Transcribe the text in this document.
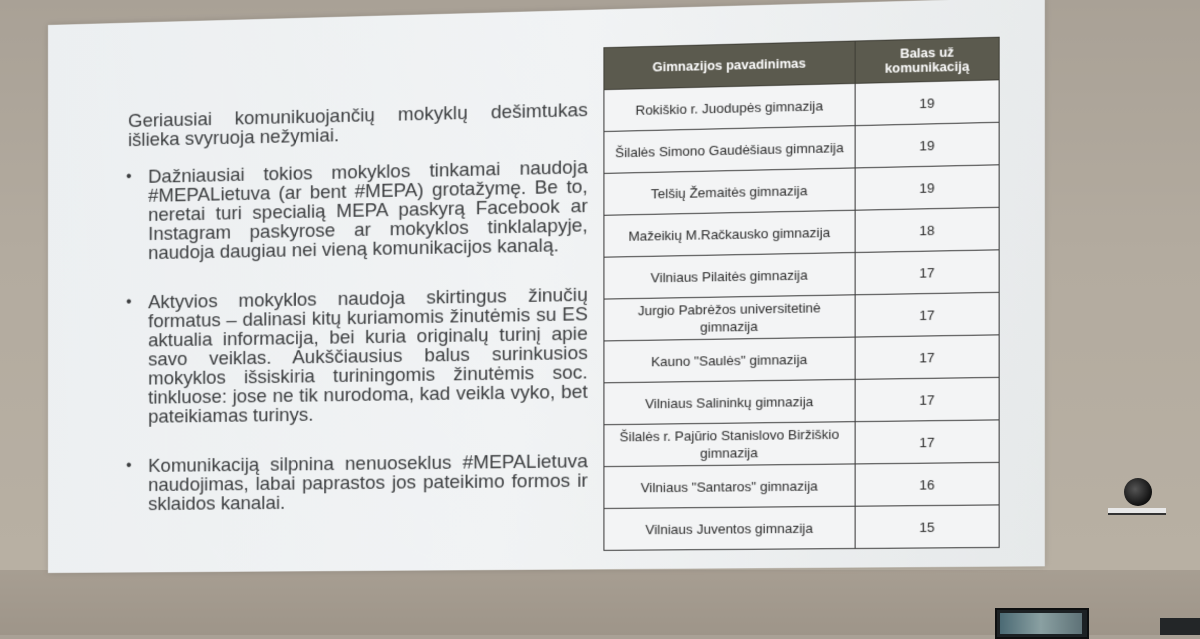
Geriausiai komunikuojančių mokyklų dešimtukas išlieka svyruoja nežymiai.

• Dažniausiai tokios mokyklos tinkamai naudoja #MEPALietuva (ar bent #MEPA) grotažymę. Be to, neretai turi specialią MEPA paskyrą Facebook ar Instagram paskyrose ar mokyklos tinklalapyje, naudoja daugiau nei vieną komunikacijos kanalą.
• Aktyvios mokyklos naudoja skirtingus žinučių formatus – dalinasi kitų kuriamomis žinutėmis su ES aktualia informacija, bei kuria originalų turinį apie savo veiklas. Aukščiausius balus surinkusios mokyklos išsiskiria turiningomis žinutėmis soc. tinkluose: jose ne tik nurodoma, kad veikla vyko, bet pateikiamas turinys.
• Komunikaciją silpnina nenuoseklus #MEPALietuva naudojimas, labai paprastos jos pateikimo formos ir sklaidos kanalai.
Gimnazijos pavadinimas	Balas už komunikaciją
Rokiškio r. Juodupės gimnazija	19
Šilalės Simono Gaudėšiaus gimnazija	19
Telšių Žemaitės gimnazija	19
Mažeikių M.Račkausko gimnazija	18
Vilniaus Pilaitės gimnazija	17
Jurgio Pabrėžos universitetinė gimnazija	17
Kauno "Saulės" gimnazija	17
Vilniaus Salininkų gimnazija	17
Šilalės r. Pajūrio Stanislovo Biržiškio gimnazija	17
Vilniaus "Santaros" gimnazija	16
Vilniaus Juventos gimnazija	15
